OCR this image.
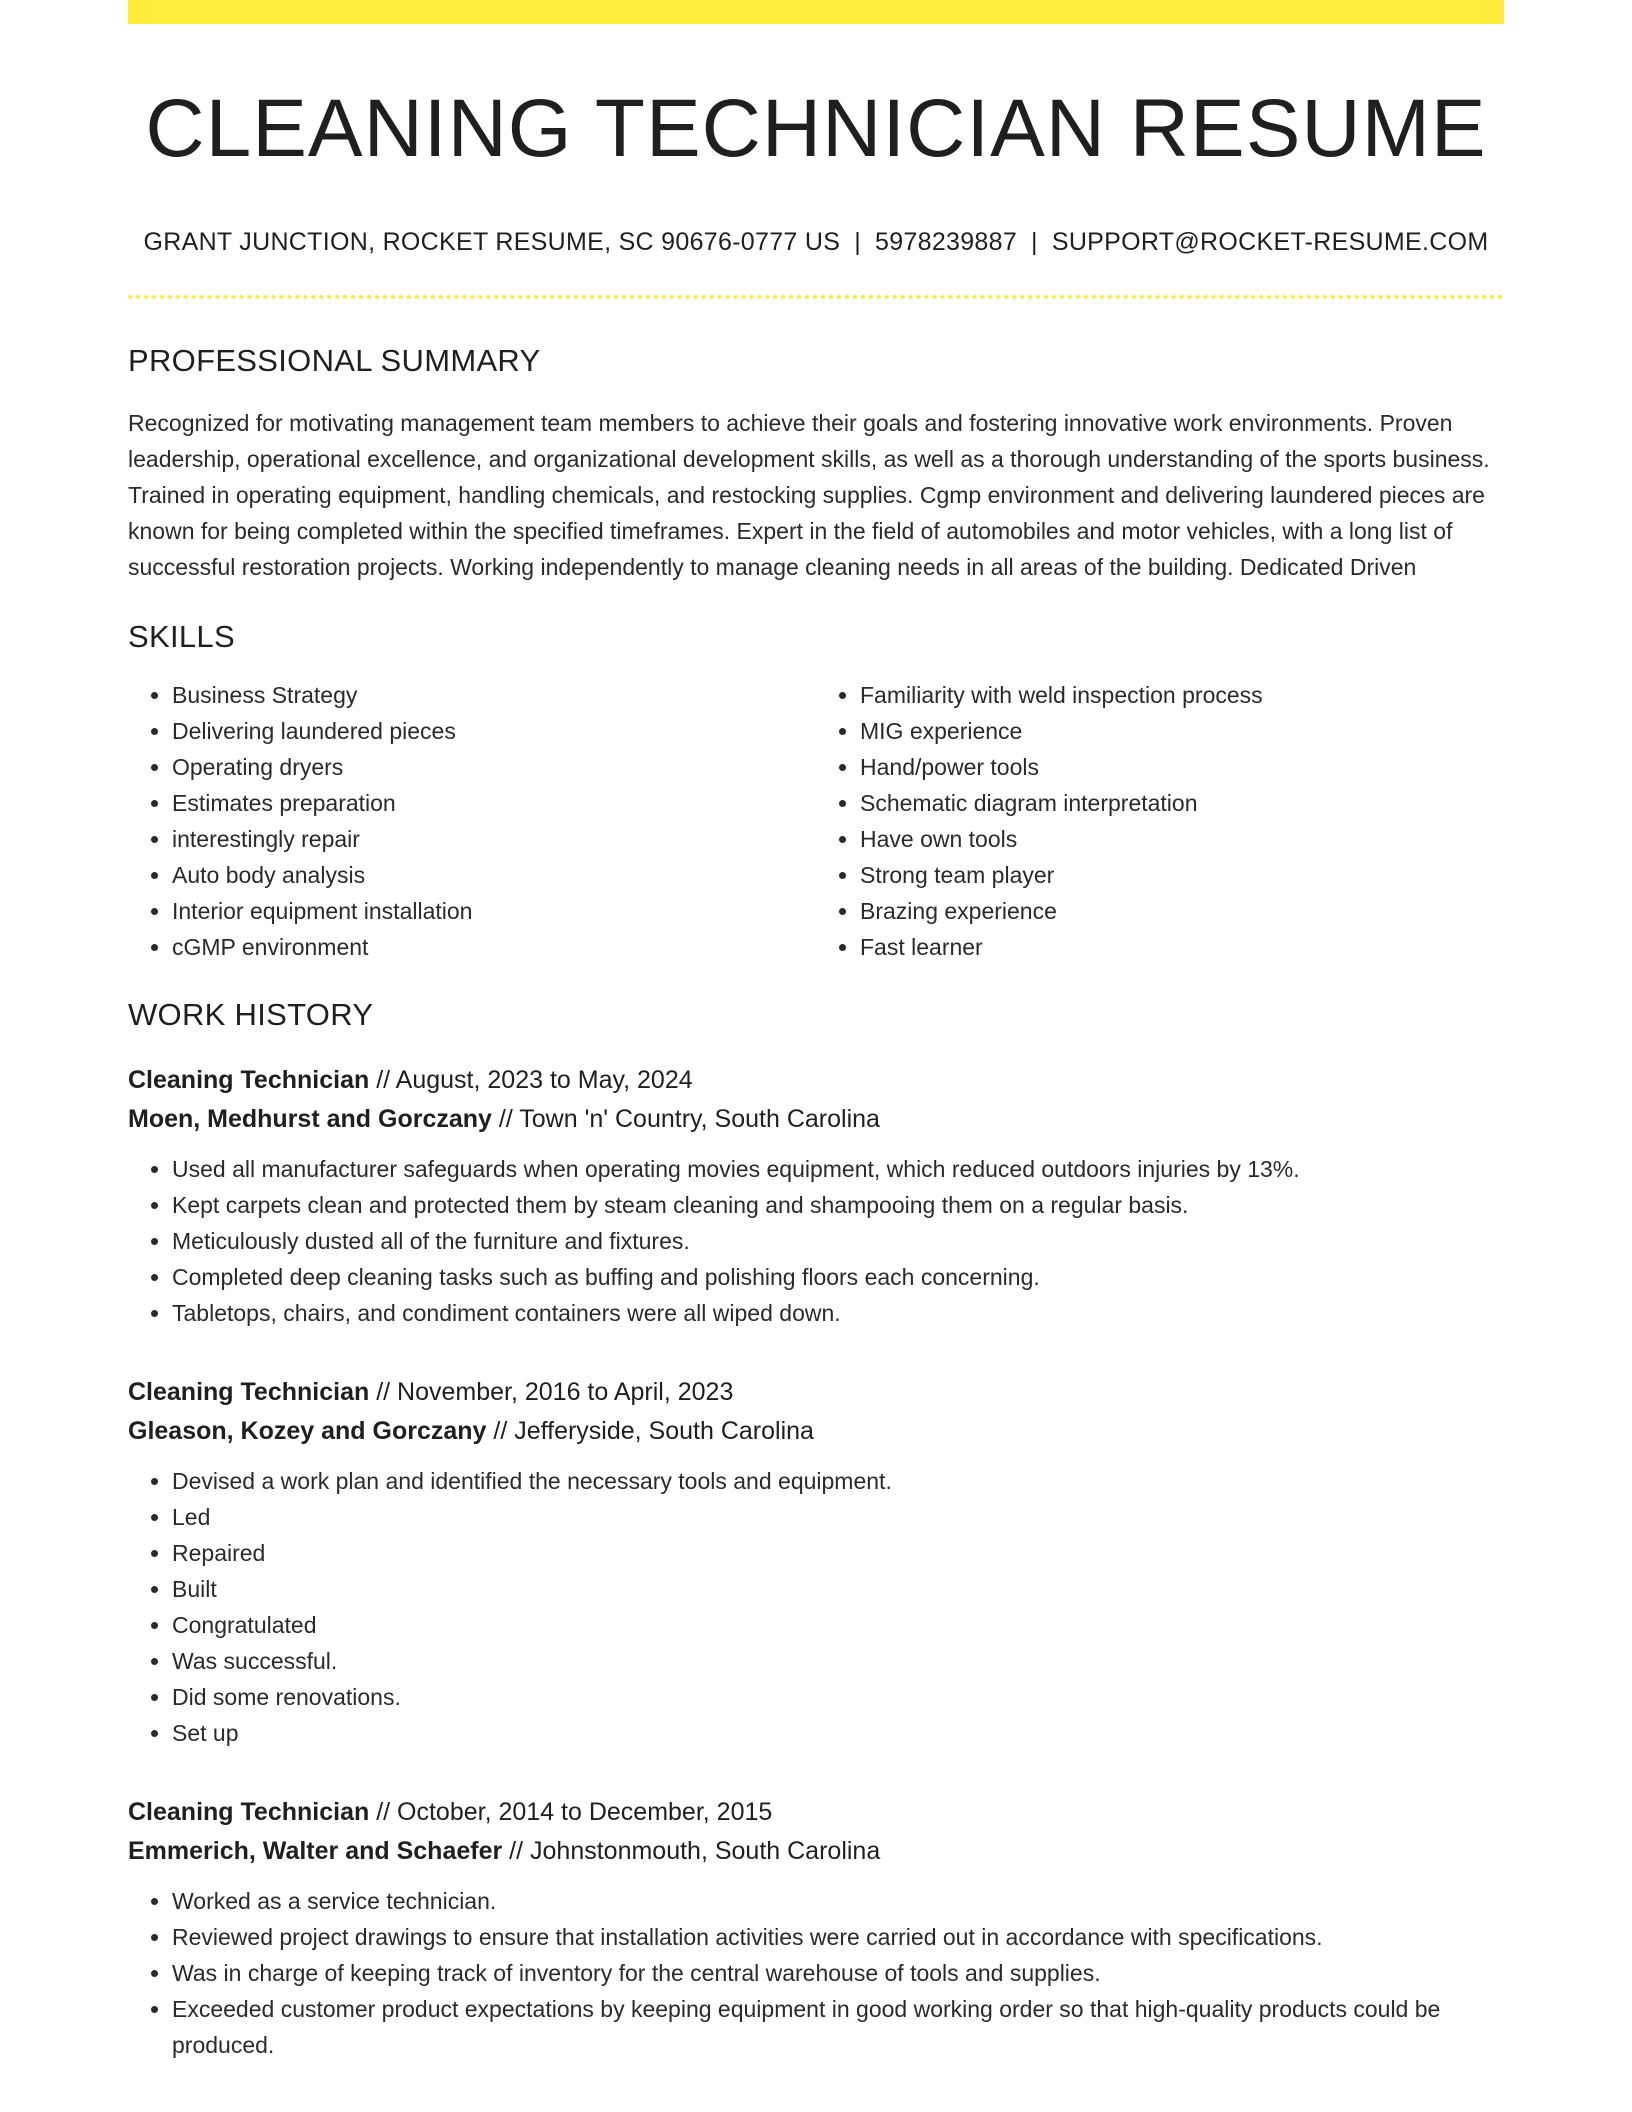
CLEANING TECHNICIAN RESUME
GRANT JUNCTION, ROCKET RESUME, SC 90676-0777 US | 5978239887 | SUPPORT@ROCKET-RESUME.COM
PROFESSIONAL SUMMARY
Recognized for motivating management team members to achieve their goals and fostering innovative work environments. Proven leadership, operational excellence, and organizational development skills, as well as a thorough understanding of the sports business. Trained in operating equipment, handling chemicals, and restocking supplies. Cgmp environment and delivering laundered pieces are known for being completed within the specified timeframes. Expert in the field of automobiles and motor vehicles, with a long list of successful restoration projects. Working independently to manage cleaning needs in all areas of the building. Dedicated Driven
SKILLS
• Business Strategy
• Delivering laundered pieces
• Operating dryers
• Estimates preparation
• interestingly repair
• Auto body analysis
• Interior equipment installation
• cGMP environment
• Familiarity with weld inspection process
• MIG experience
• Hand/power tools
• Schematic diagram interpretation
• Have own tools
• Strong team player
• Brazing experience
• Fast learner
WORK HISTORY
Cleaning Technician // August, 2023 to May, 2024
Moen, Medhurst and Gorczany // Town 'n' Country, South Carolina
• Used all manufacturer safeguards when operating movies equipment, which reduced outdoors injuries by 13%.
• Kept carpets clean and protected them by steam cleaning and shampooing them on a regular basis.
• Meticulously dusted all of the furniture and fixtures.
• Completed deep cleaning tasks such as buffing and polishing floors each concerning.
• Tabletops, chairs, and condiment containers were all wiped down.
Cleaning Technician // November, 2016 to April, 2023
Gleason, Kozey and Gorczany // Jefferyside, South Carolina
• Devised a work plan and identified the necessary tools and equipment.
• Led
• Repaired
• Built
• Congratulated
• Was successful.
• Did some renovations.
• Set up
Cleaning Technician // October, 2014 to December, 2015
Emmerich, Walter and Schaefer // Johnstonmouth, South Carolina
• Worked as a service technician.
• Reviewed project drawings to ensure that installation activities were carried out in accordance with specifications.
• Was in charge of keeping track of inventory for the central warehouse of tools and supplies.
• Exceeded customer product expectations by keeping equipment in good working order so that high-quality products could be produced.
